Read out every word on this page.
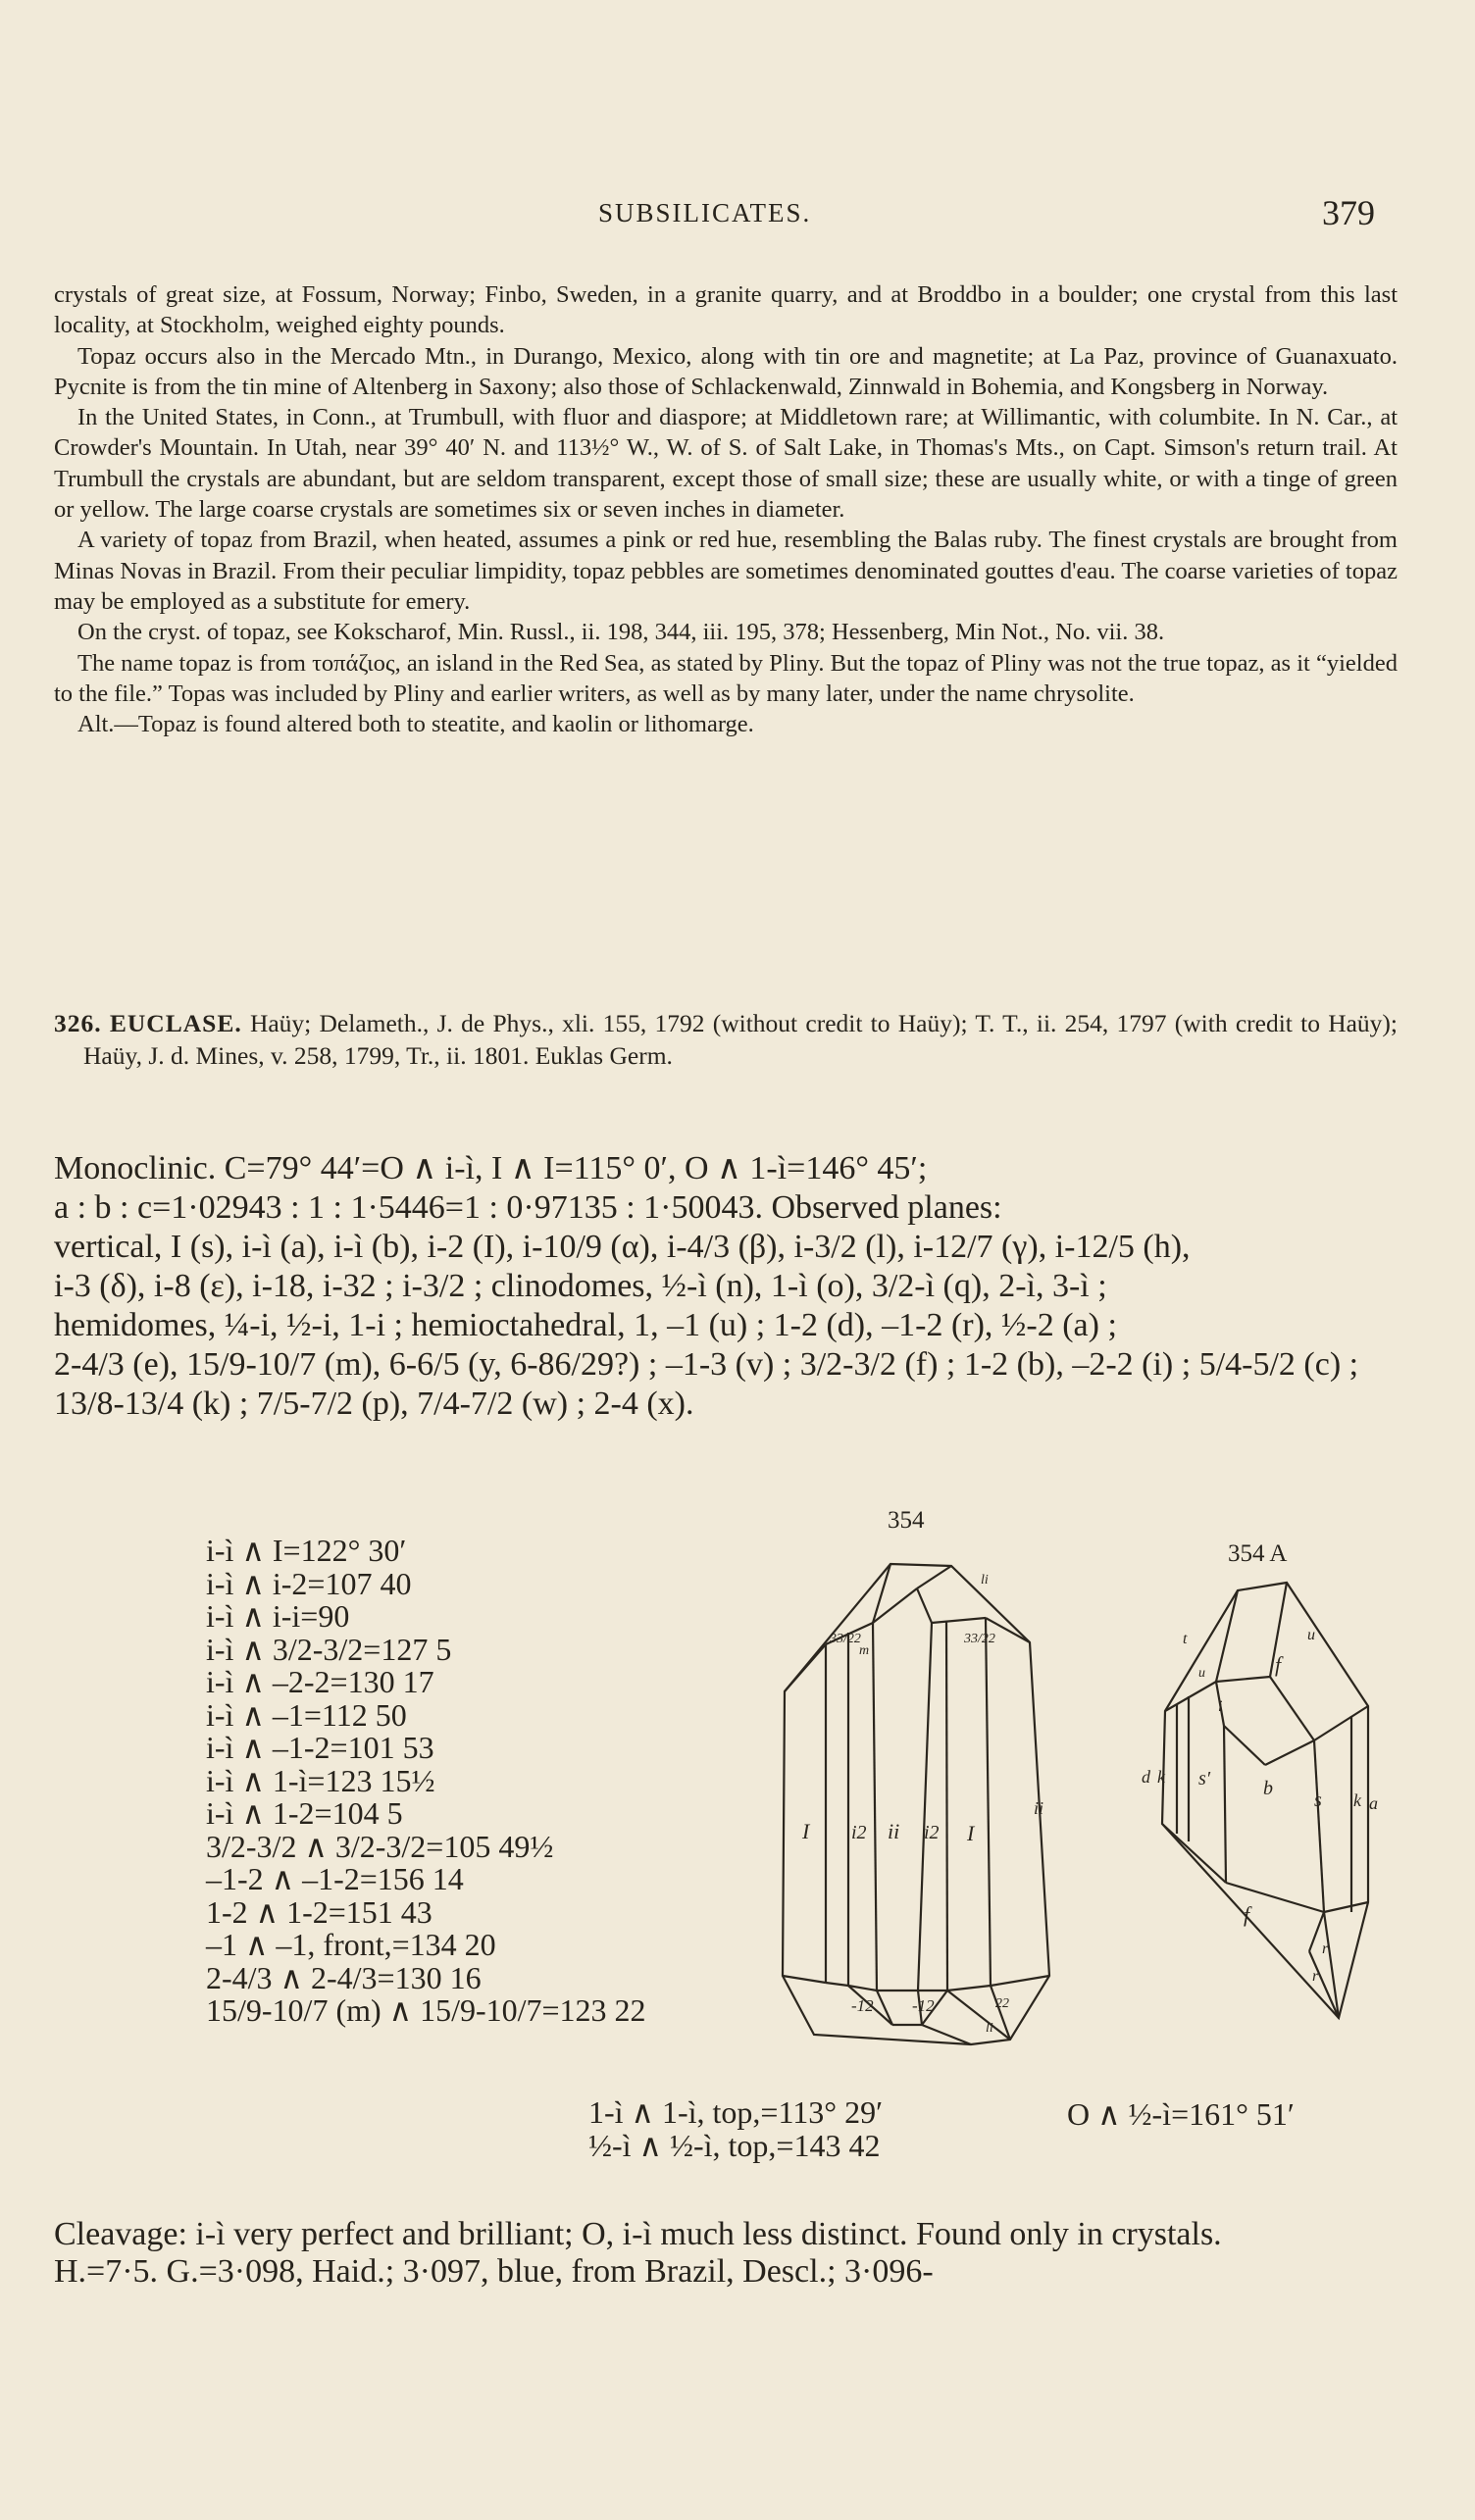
SUBSILICATES.	379

crystals of great size, at Fossum, Norway; Finbo, Sweden, in a granite quarry, and at Broddbo in a boulder; one crystal from this last locality, at Stockholm, weighed eighty pounds.

Topaz occurs also in the Mercado Mtn., in Durango, Mexico, along with tin ore and magnetite; at La Paz, province of Guanaxuato. Pycnite is from the tin mine of Altenberg in Saxony; also those of Schlackenwald, Zinnwald in Bohemia, and Kongsberg in Norway.

In the United States, in Conn., at Trumbull, with fluor and diaspore; at Middletown rare; at Willimantic, with columbite. In N. Car., at Crowder's Mountain. In Utah, near 39° 40′ N. and 113½° W., W. of S. of Salt Lake, in Thomas's Mts., on Capt. Simson's return trail. At Trumbull the crystals are abundant, but are seldom transparent, except those of small size; these are usually white, or with a tinge of green or yellow. The large coarse crystals are sometimes six or seven inches in diameter.

A variety of topaz from Brazil, when heated, assumes a pink or red hue, resembling the Balas ruby. The finest crystals are brought from Minas Novas in Brazil. From their peculiar limpidity, topaz pebbles are sometimes denominated gouttes d'eau. The coarse varieties of topaz may be employed as a substitute for emery.

On the cryst. of topaz, see Kokscharof, Min. Russl., ii. 198, 344, iii. 195, 378; Hessenberg, Min Not., No. vii. 38.

The name topaz is from τοπάζιος, an island in the Red Sea, as stated by Pliny. But the topaz of Pliny was not the true topaz, as it “yielded to the file.” Topas was included by Pliny and earlier writers, as well as by many later, under the name chrysolite.

Alt.—Topaz is found altered both to steatite, and kaolin or lithomarge.

326. EUCLASE. Haüy; Delameth., J. de Phys., xli. 155, 1792 (without credit to Haüy); T. T., ii. 254, 1797 (with credit to Haüy); Haüy, J. d. Mines, v. 258, 1799, Tr., ii. 1801. Euklas Germ.

Monoclinic. C=79° 44′=O ∧ i-ì, I ∧ I=115° 0′, O ∧ 1-ì=146° 45′;

a : b : c=1·02943 : 1 : 1·5446=1 : 0·97135 : 1·50043. Observed planes:

vertical, I (s), i-ì (a), i-ì (b), i-2 (I), i-10/9 (α), i-4/3 (β), i-3/2 (l), i-12/7 (γ), i-12/5 (h),

i-3 (δ), i-8 (ε), i-18, i-32 ; i-3/2 ; clinodomes, ½-ì (n), 1-ì (o), 3/2-ì (q), 2-ì, 3-ì ;

hemidomes, ¼-i, ½-i, 1-i ; hemioctahedral, 1, –1 (u) ; 1-2 (d), –1-2 (r), ½-2 (a) ;

2-4/3 (e), 15/9-10/7 (m), 6-6/5 (y, 6-86/29?) ; –1-3 (v) ; 3/2-3/2 (f) ; 1-2 (b), –2-2 (i) ; 5/4-5/2 (c) ;

13/8-13/4 (k) ; 7/5-7/2 (p), 7/4-7/2 (w) ; 2-4 (x).

i-ì ∧ I=122° 30′
i-ì ∧ i-2=107 40
i-ì ∧ i-i=90
i-ì ∧ 3/2-3/2=127 5
i-ì ∧ –2-2=130 17
i-ì ∧ –1=112 50
i-ì ∧ –1-2=101 53
i-ì ∧ 1-ì=123 15½
i-ì ∧ 1-2=104 5
3/2-3/2 ∧ 3/2-3/2=105 49½
–1-2 ∧ –1-2=156 14
1-2 ∧ 1-2=151 43
–1 ∧ –1, front,=134 20
2-4/3 ∧ 2-4/3=130 16
15/9-10/7 (m) ∧ 15/9-10/7=123 22
1-ì ∧ 1-ì, top,=113° 29′
½-ì ∧ ½-ì, top,=143 42
O ∧ ½-ì=161° 51′
354
I i2 ii i2 I
ii
33/22	33/22
m
-12 -12	22
li
li
354 A
f
s′	b
s k a
d k
f
r
u
i
t
u
r

Cleavage: i-ì very perfect and brilliant; O, i-ì much less distinct. Found only in crystals.

H.=7·5. G.=3·098, Haid.; 3·097, blue, from Brazil, Descl.; 3·096-
